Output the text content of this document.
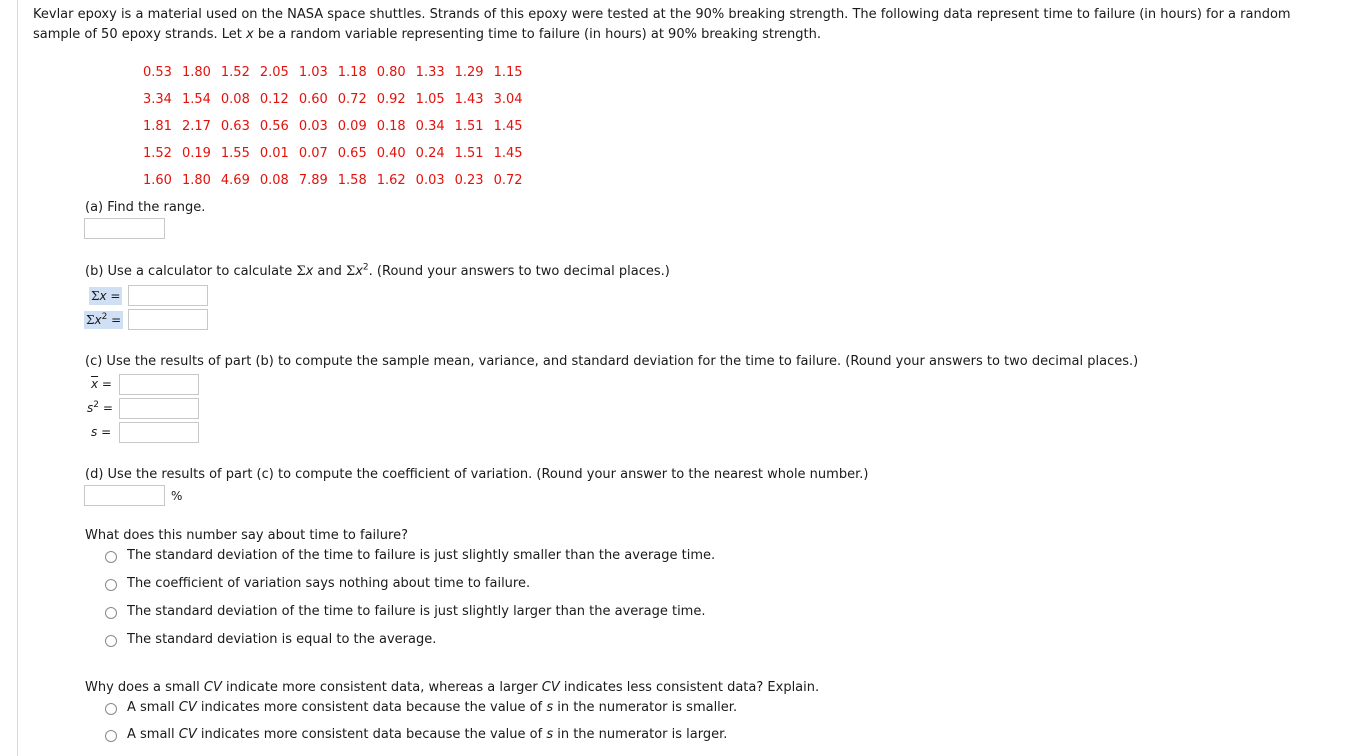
Kevlar epoxy is a material used on the NASA space shuttles. Strands of this epoxy were tested at the 90% breaking strength. The following data represent time to failure (in hours) for a random
sample of 50 epoxy strands. Let x be a random variable representing time to failure (in hours) at 90% breaking strength.
0.53	1.80	1.52	2.05	1.03	1.18	0.80	1.33	1.29	1.15
3.34	1.54	0.08	0.12	0.60	0.72	0.92	1.05	1.43	3.04
1.81	2.17	0.63	0.56	0.03	0.09	0.18	0.34	1.51	1.45
1.52	0.19	1.55	0.01	0.07	0.65	0.40	0.24	1.51	1.45
1.60	1.80	4.69	0.08	7.89	1.58	1.62	0.03	0.23	0.72
(a) Find the range.
(b) Use a calculator to calculate Σx and $\Sigma x^2$. (Round your answers to two decimal places.)
Σx =
$\Sigma x^2$ =
(c) Use the results of part (b) to compute the sample mean, variance, and standard deviation for the time to failure. (Round your answers to two decimal places.)
$\overline{x}$ =
$s^2$ =
s =
(d) Use the results of part (c) to compute the coefficient of variation. (Round your answer to the nearest whole number.)
%
What does this number say about time to failure?
The standard deviation of the time to failure is just slightly smaller than the average time.
The coefficient of variation says nothing about time to failure.
The standard deviation of the time to failure is just slightly larger than the average time.
The standard deviation is equal to the average.
Why does a small CV indicate more consistent data, whereas a larger CV indicates less consistent data? Explain.
A small CV indicates more consistent data because the value of s in the numerator is smaller.
A small CV indicates more consistent data because the value of s in the numerator is larger.
